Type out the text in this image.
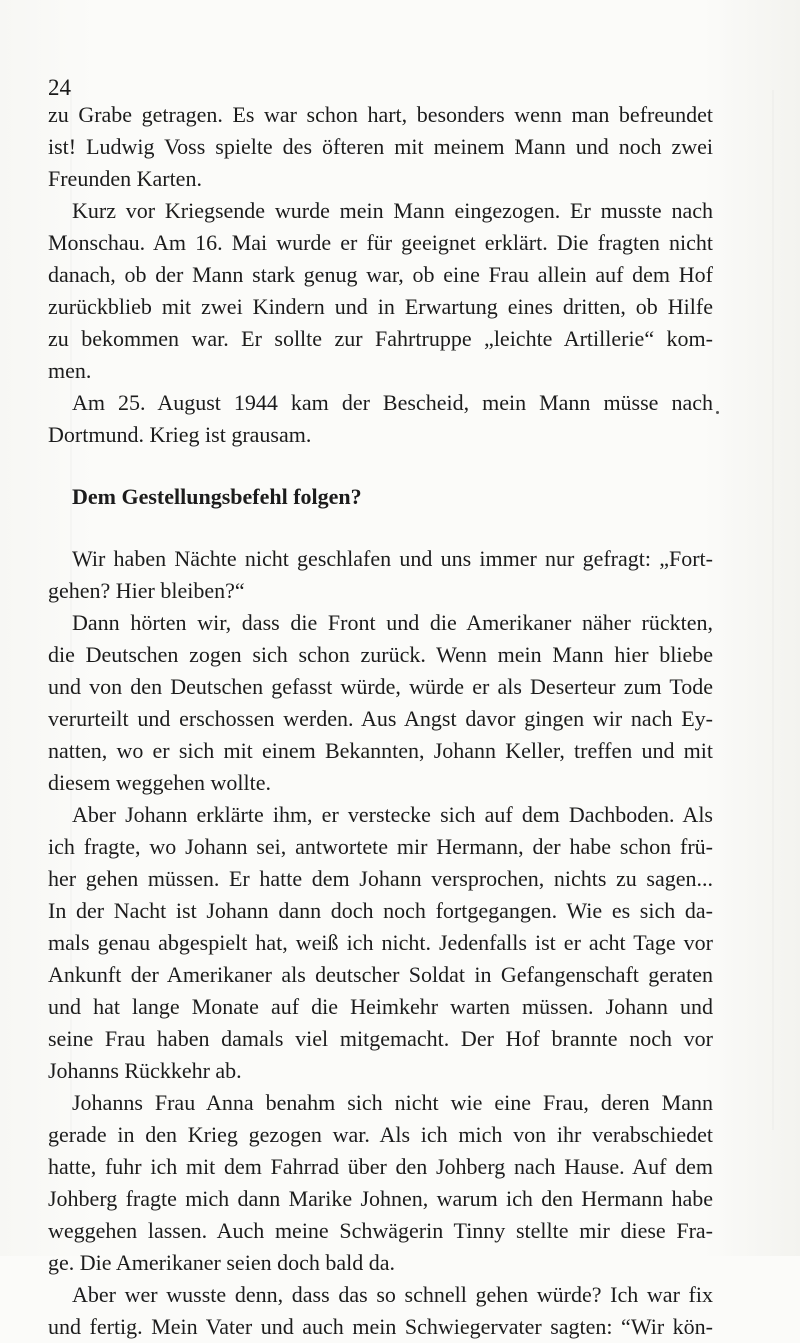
24
zu Grabe getragen. Es war schon hart, besonders wenn man befreundet
ist! Ludwig Voss spielte des öfteren mit meinem Mann und noch zwei
Freunden Karten.
Kurz vor Kriegsende wurde mein Mann eingezogen. Er musste nach
Monschau. Am 16. Mai wurde er für geeignet erklärt. Die fragten nicht
danach, ob der Mann stark genug war, ob eine Frau allein auf dem Hof
zurückblieb mit zwei Kindern und in Erwartung eines dritten, ob Hilfe
zu bekommen war. Er sollte zur Fahrtruppe „leichte Artillerie“ kom-
men.
Am 25. August 1944 kam der Bescheid, mein Mann müsse nach
Dortmund. Krieg ist grausam.
Dem Gestellungsbefehl folgen?
Wir haben Nächte nicht geschlafen und uns immer nur gefragt: „Fort-
gehen? Hier bleiben?“
Dann hörten wir, dass die Front und die Amerikaner näher rückten,
die Deutschen zogen sich schon zurück. Wenn mein Mann hier bliebe
und von den Deutschen gefasst würde, würde er als Deserteur zum Tode
verurteilt und erschossen werden. Aus Angst davor gingen wir nach Ey-
natten, wo er sich mit einem Bekannten, Johann Keller, treffen und mit
diesem weggehen wollte.
Aber Johann erklärte ihm, er verstecke sich auf dem Dachboden. Als
ich fragte, wo Johann sei, antwortete mir Hermann, der habe schon frü-
her gehen müssen. Er hatte dem Johann versprochen, nichts zu sagen...
In der Nacht ist Johann dann doch noch fortgegangen. Wie es sich da-
mals genau abgespielt hat, weiß ich nicht. Jedenfalls ist er acht Tage vor
Ankunft der Amerikaner als deutscher Soldat in Gefangenschaft geraten
und hat lange Monate auf die Heimkehr warten müssen. Johann und
seine Frau haben damals viel mitgemacht. Der Hof brannte noch vor
Johanns Rückkehr ab.
Johanns Frau Anna benahm sich nicht wie eine Frau, deren Mann
gerade in den Krieg gezogen war. Als ich mich von ihr verabschiedet
hatte, fuhr ich mit dem Fahrrad über den Johberg nach Hause. Auf dem
Johberg fragte mich dann Marike Johnen, warum ich den Hermann habe
weggehen lassen. Auch meine Schwägerin Tinny stellte mir diese Fra-
ge. Die Amerikaner seien doch bald da.
Aber wer wusste denn, dass das so schnell gehen würde? Ich war fix
und fertig. Mein Vater und auch mein Schwiegervater sagten: “Wir kön-
